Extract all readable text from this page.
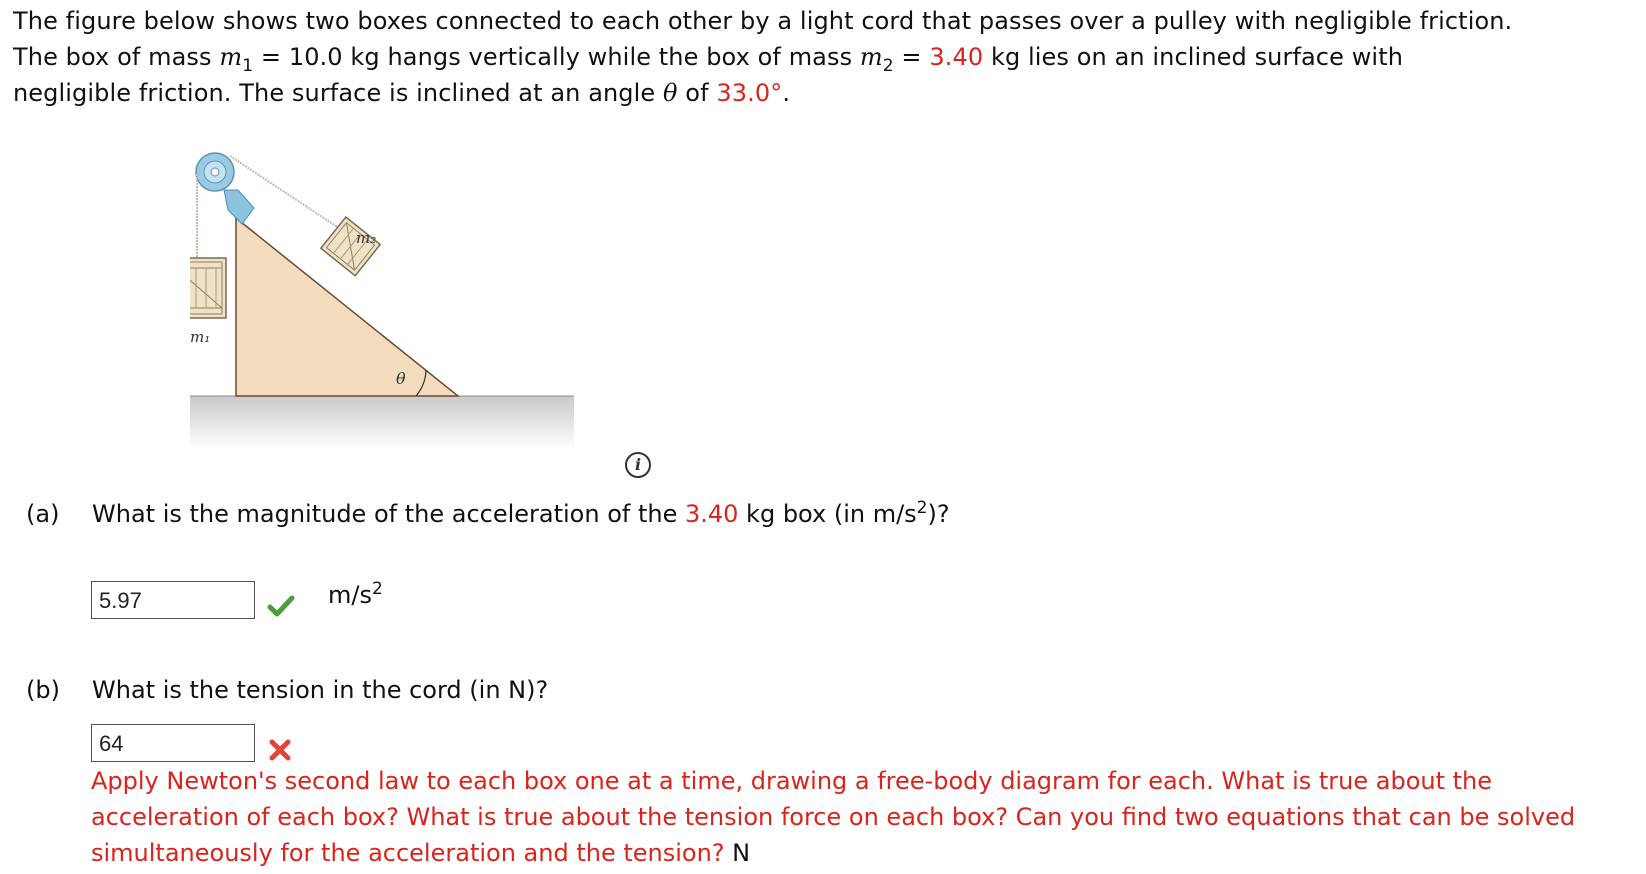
The figure below shows two boxes connected to each other by a light cord that passes over a pulley with negligible friction.
The box of mass $m_1 = 10.0$ kg hangs vertically while the box of mass $m_2 = 3.40$ kg lies on an inclined surface with
negligible friction. The surface is inclined at an angle θ of 33.0°.
m₁
m₂
θ
i
(a) What is the magnitude of the acceleration of the 3.40 kg box (in $m/s^2$)?
5.97	$m/s^2$
(b) What is the tension in the cord (in N)?
64
Apply Newton's second law to each box one at a time, drawing a free-body diagram for each. What is true about the acceleration of each box? What is true about the tension force on each box? Can you find two equations that can be solved simultaneously for the acceleration and the tension? N
